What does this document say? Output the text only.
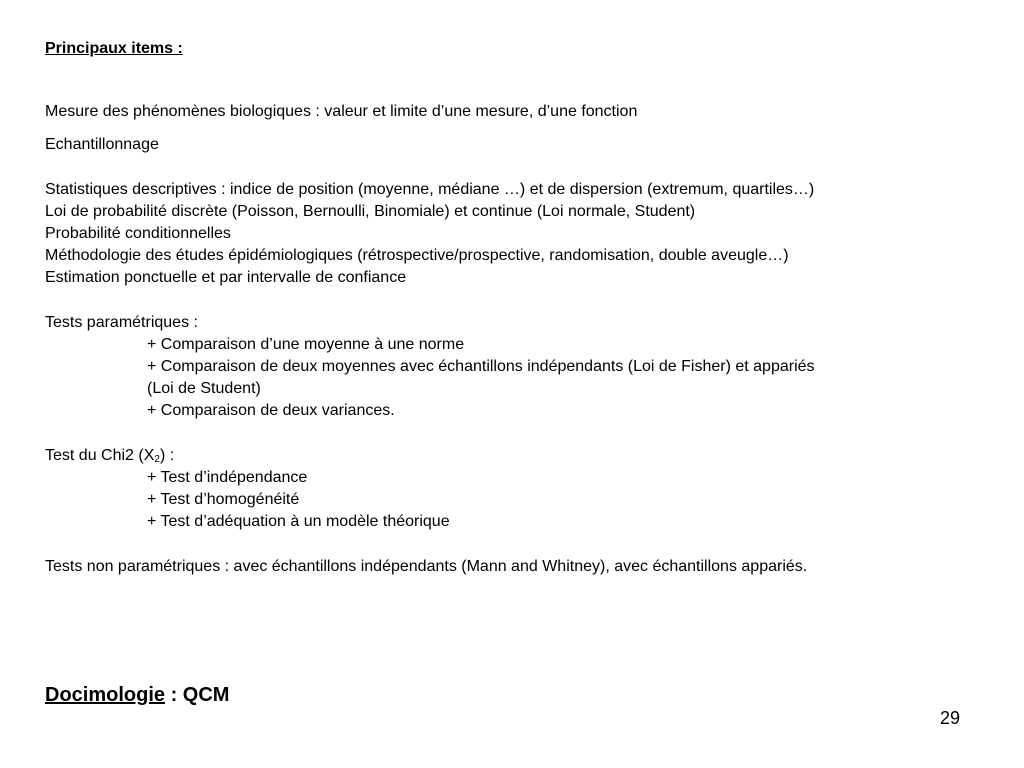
Principaux items :
Mesure des phénomènes biologiques : valeur et limite d’une mesure, d’une fonction
Echantillonnage
Statistiques descriptives : indice de position (moyenne, médiane …) et de dispersion (extremum, quartiles…)
Loi de probabilité discrète (Poisson, Bernoulli, Binomiale) et continue (Loi normale, Student)
Probabilité conditionnelles
Méthodologie des études épidémiologiques (rétrospective/prospective, randomisation, double aveugle…)
Estimation ponctuelle et par intervalle de confiance
Tests paramétriques :
+ Comparaison d’une moyenne à une norme
+ Comparaison de deux moyennes avec échantillons indépendants (Loi de Fisher) et appariés
(Loi de Student)
+ Comparaison de deux variances.
Test du Chi2 $(X_2)$ :
+ Test d’indépendance
+ Test d’homogénéité
+ Test d’adéquation à un modèle théorique
Tests non paramétriques : avec échantillons indépendants (Mann and Whitney), avec échantillons appariés.
Docimologie : QCM
29
